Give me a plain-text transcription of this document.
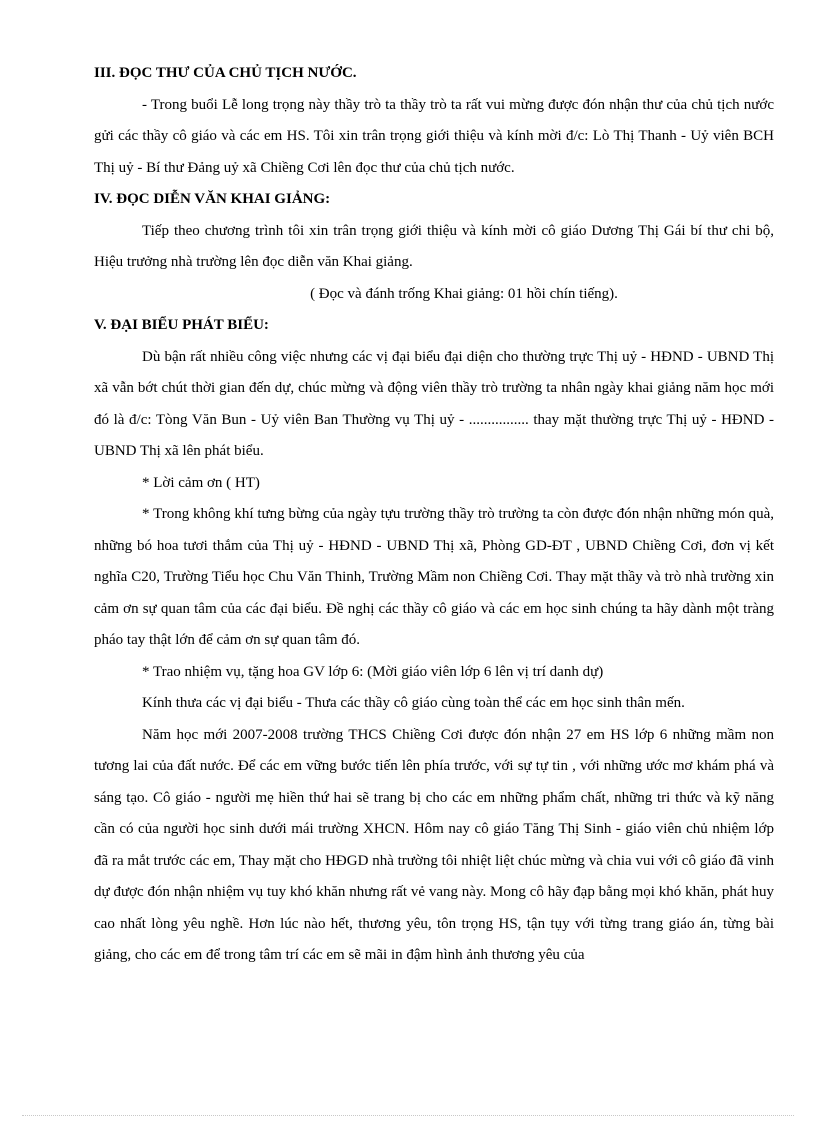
III. ĐỌC THƯ CỦA CHỦ TỊCH NƯỚC.

- Trong buổi Lễ long trọng này thầy trò ta thầy trò ta rất vui mừng được đón nhận thư của chủ tịch nước gửi các thầy cô giáo và các em HS. Tôi xin trân trọng giới thiệu và kính mời đ/c: Lò Thị Thanh - Uỷ viên BCH Thị uỷ - Bí thư Đảng uỷ xã Chiềng Cơi lên đọc thư của chủ tịch nước.

IV. ĐỌC DIỄN VĂN KHAI GIẢNG:

Tiếp theo chương trình tôi xin trân trọng giới thiệu và kính mời cô giáo Dương Thị Gái bí thư chi bộ, Hiệu trưởng nhà trường lên đọc diễn văn Khai giảng.

( Đọc và đánh trống Khai giảng: 01 hồi chín tiếng).

V. ĐẠI BIỂU PHÁT BIỂU:

Dù bận rất nhiều công việc nhưng các vị đại biểu đại diện cho thường trực Thị uỷ - HĐND - UBND Thị xã vẫn bớt chút thời gian đến dự, chúc mừng và động viên thầy trò trường ta nhân ngày khai giảng năm học mới đó là đ/c: Tòng Văn Bun - Uỷ viên Ban Thường vụ Thị uỷ - ................ thay mặt thường trực Thị uỷ - HĐND - UBND Thị xã lên phát biểu.

* Lời cảm ơn ( HT)

* Trong không khí tưng bừng của ngày tựu trường thầy trò trường ta còn được đón nhận những món quà, những bó hoa tươi thắm của Thị uỷ - HĐND - UBND Thị xã, Phòng GD-ĐT , UBND Chiềng Cơi, đơn vị kết nghĩa C20, Trường Tiểu học Chu Văn Thinh, Trường Mầm non Chiềng Cơi. Thay mặt thầy và trò nhà trường xin cảm ơn sự quan tâm của các đại biểu. Đề nghị các thầy cô giáo và các em học sinh chúng ta hãy dành một tràng pháo tay thật lớn để cảm ơn sự quan tâm đó.

* Trao nhiệm vụ, tặng hoa GV lớp 6: (Mời giáo viên lớp 6 lên vị trí danh dự)

Kính thưa các vị đại biểu - Thưa các thầy cô giáo cùng toàn thể các em học sinh thân mến.

Năm học mới 2007-2008 trường THCS Chiềng Cơi được đón nhận 27 em HS lớp 6 những mầm non tương lai của đất nước. Để các em vững bước tiến lên phía trước, với sự tự tin , với những ước mơ khám phá và sáng tạo. Cô giáo - người mẹ hiền thứ hai sẽ trang bị cho các em những phẩm chất, những tri thức và kỹ năng cần có của người học sinh dưới mái trường XHCN. Hôm nay cô giáo Tăng Thị Sinh - giáo viên chủ nhiệm lớp đã ra mắt trước các em, Thay mặt cho HĐGD nhà trường tôi nhiệt liệt chúc mừng và chia vui với cô giáo đã vinh dự được đón nhận nhiệm vụ tuy khó khăn nhưng rất vẻ vang này. Mong cô hãy đạp bằng mọi khó khăn, phát huy cao nhất lòng yêu nghề. Hơn lúc nào hết, thương yêu, tôn trọng HS, tận tụy với từng trang giáo án, từng bài giảng, cho các em để trong tâm trí các em sẽ mãi in đậm hình ảnh thương yêu của
